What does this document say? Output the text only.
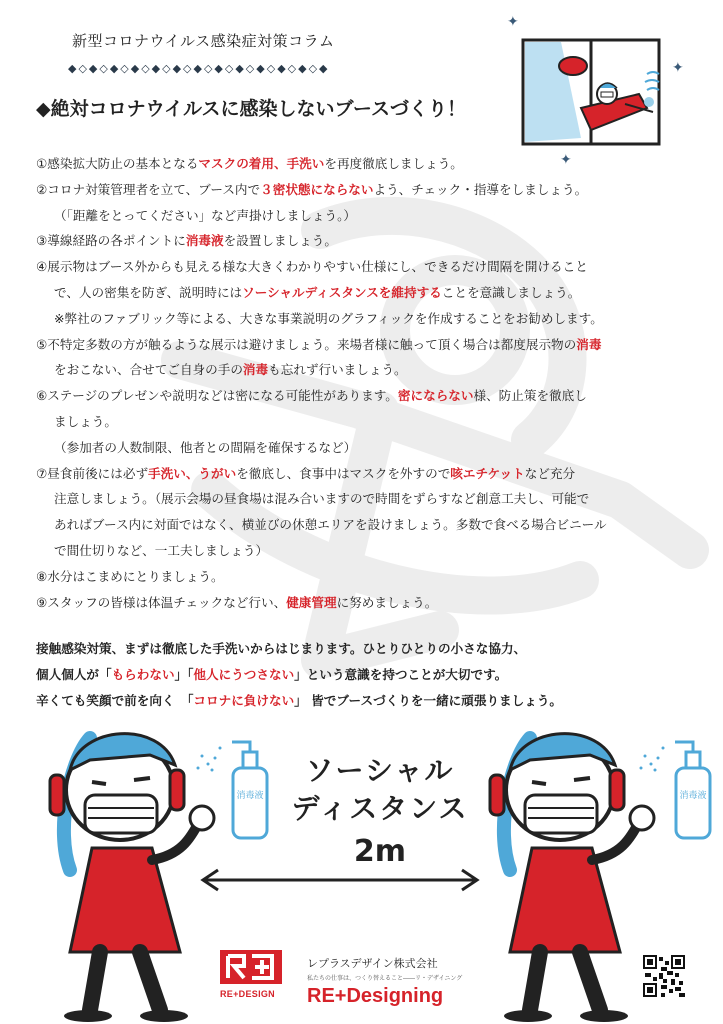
新型コロナウイルス感染症対策コラム
◆◇◆◇◆◇◆◇◆◇◆◇◆◇◆◇◆◇◆◇◆◇◆◇◆
◆絶対コロナウイルスに感染しないブースづくり！
✦
✦
✦
①感染拡大防止の基本となるマスクの着用、手洗いを再度徹底しましょう。
②コロナ対策管理者を立て、ブース内で３密状態にならないよう、チェック・指導をしましょう。
（「距離をとってください」など声掛けしましょう。）
③導線経路の各ポイントに消毒液を設置しましょう。
④展示物はブース外からも見える様な大きくわかりやすい仕様にし、できるだけ間隔を開けること
で、人の密集を防ぎ、説明時にはソーシャルディスタンスを維持することを意識しましょう。
※弊社のファブリック等による、大きな事業説明のグラフィックを作成することをお勧めします。
⑤不特定多数の方が触るような展示は避けましょう。来場者様に触って頂く場合は都度展示物の消毒
をおこない、合せてご自身の手の消毒も忘れず行いましょう。
⑥ステージのプレゼンや説明などは密になる可能性があります。密にならない様、防止策を徹底し
ましょう。
（参加者の人数制限、他者との間隔を確保するなど）
⑦昼食前後には必ず手洗い、うがいを徹底し、食事中はマスクを外すので咳エチケットなど充分
注意しましょう。（展示会場の昼食場は混み合いますので時間をずらすなど創意工夫し、可能で
あればブース内に対面ではなく、横並びの休憩エリアを設けましょう。多数で食べる場合ビニール
で間仕切りなど、一工夫しましょう）
⑧水分はこまめにとりましょう。
⑨スタッフの皆様は体温チェックなど行い、健康管理に努めましょう。
接触感染対策、まずは徹底した手洗いからはじまります。ひとりひとりの小さな協力、
個人個人が「もらわない」「他人にうつさない」という意識を持つことが大切です。
辛くても笑顔で前を向く　「コロナに負けない」 皆でブースづくりを一緒に頑張りましょう。
消毒液	消毒液
ソーシャル
ディスタンス
2m
RE+DESIGN
レプラスデザイン株式会社
私たちの仕事は、つくり替えること――リ・デザイニング
RE+Designing
